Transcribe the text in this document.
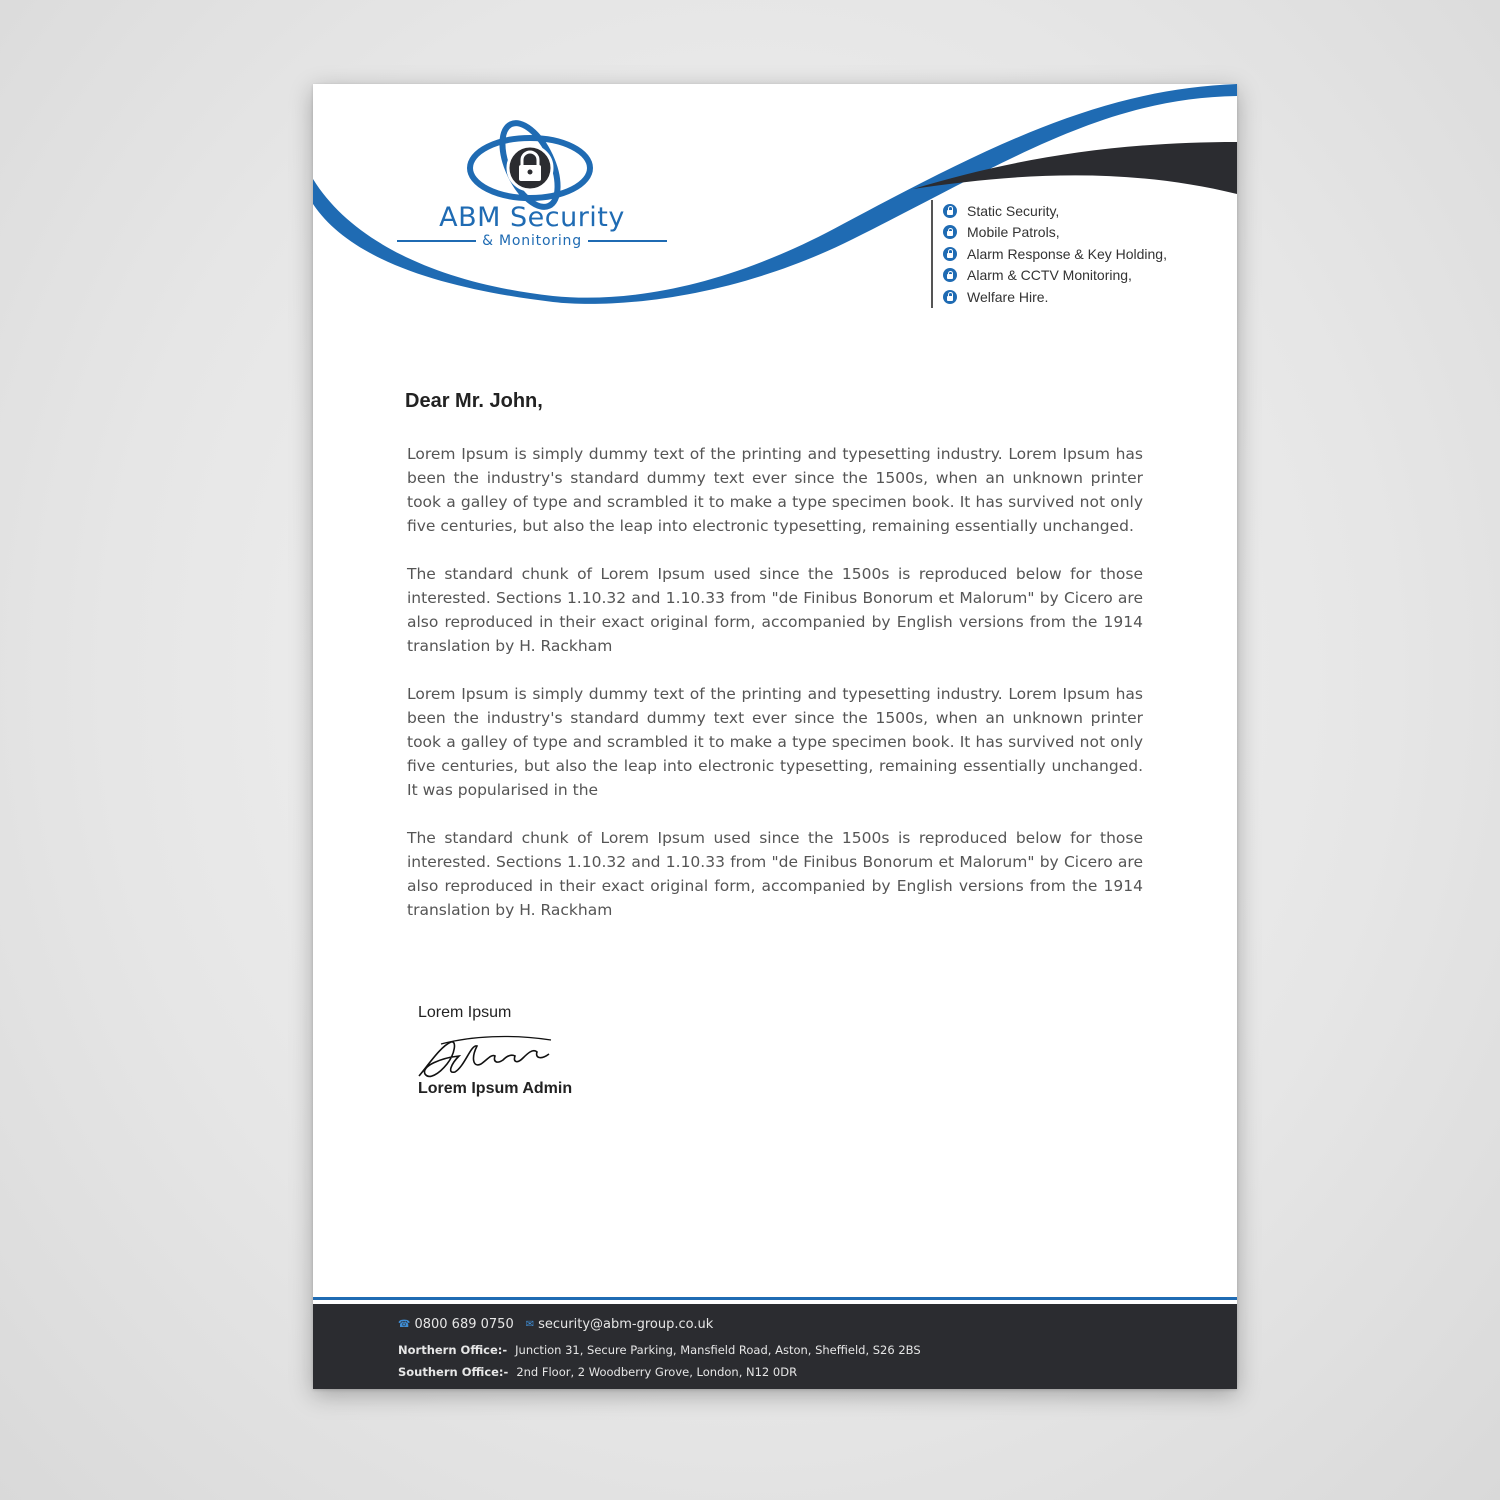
ABM Security
& Monitoring
Static Security,
Mobile Patrols,
Alarm Response & Key Holding,
Alarm & CCTV Monitoring,
Welfare Hire.
Dear Mr. John,

Lorem Ipsum is simply dummy text of the printing and typesetting industry. Lorem Ipsum has been the industry's standard dummy text ever since the 1500s, when an unknown printer took a galley of type and scrambled it to make a type specimen book. It has survived not only five centuries, but also the leap into electronic typesetting, remaining essentially unchanged.

The standard chunk of Lorem Ipsum used since the 1500s is reproduced below for those interested. Sections 1.10.32 and 1.10.33 from "de Finibus Bonorum et Malorum" by Cicero are also reproduced in their exact original form, accompanied by English versions from the 1914 translation by H. Rackham

Lorem Ipsum is simply dummy text of the printing and typesetting industry. Lorem Ipsum has been the industry's standard dummy text ever since the 1500s, when an unknown printer took a galley of type and scrambled it to make a type specimen book. It has survived not only five centuries, but also the leap into electronic typesetting, remaining essentially unchanged. It was popularised in the

The standard chunk of Lorem Ipsum used since the 1500s is reproduced below for those interested. Sections 1.10.32 and 1.10.33 from "de Finibus Bonorum et Malorum" by Cicero are also reproduced in their exact original form, accompanied by English versions from the 1914 translation by H. Rackham

Lorem Ipsum
Lorem Ipsum Admin
☎ 0800 689 0750 ✉ security@abm-group.co.uk
Northern Office:- Junction 31, Secure Parking, Mansfield Road, Aston, Sheffield, S26 2BS
Southern Office:- 2nd Floor, 2 Woodberry Grove, London, N12 0DR
